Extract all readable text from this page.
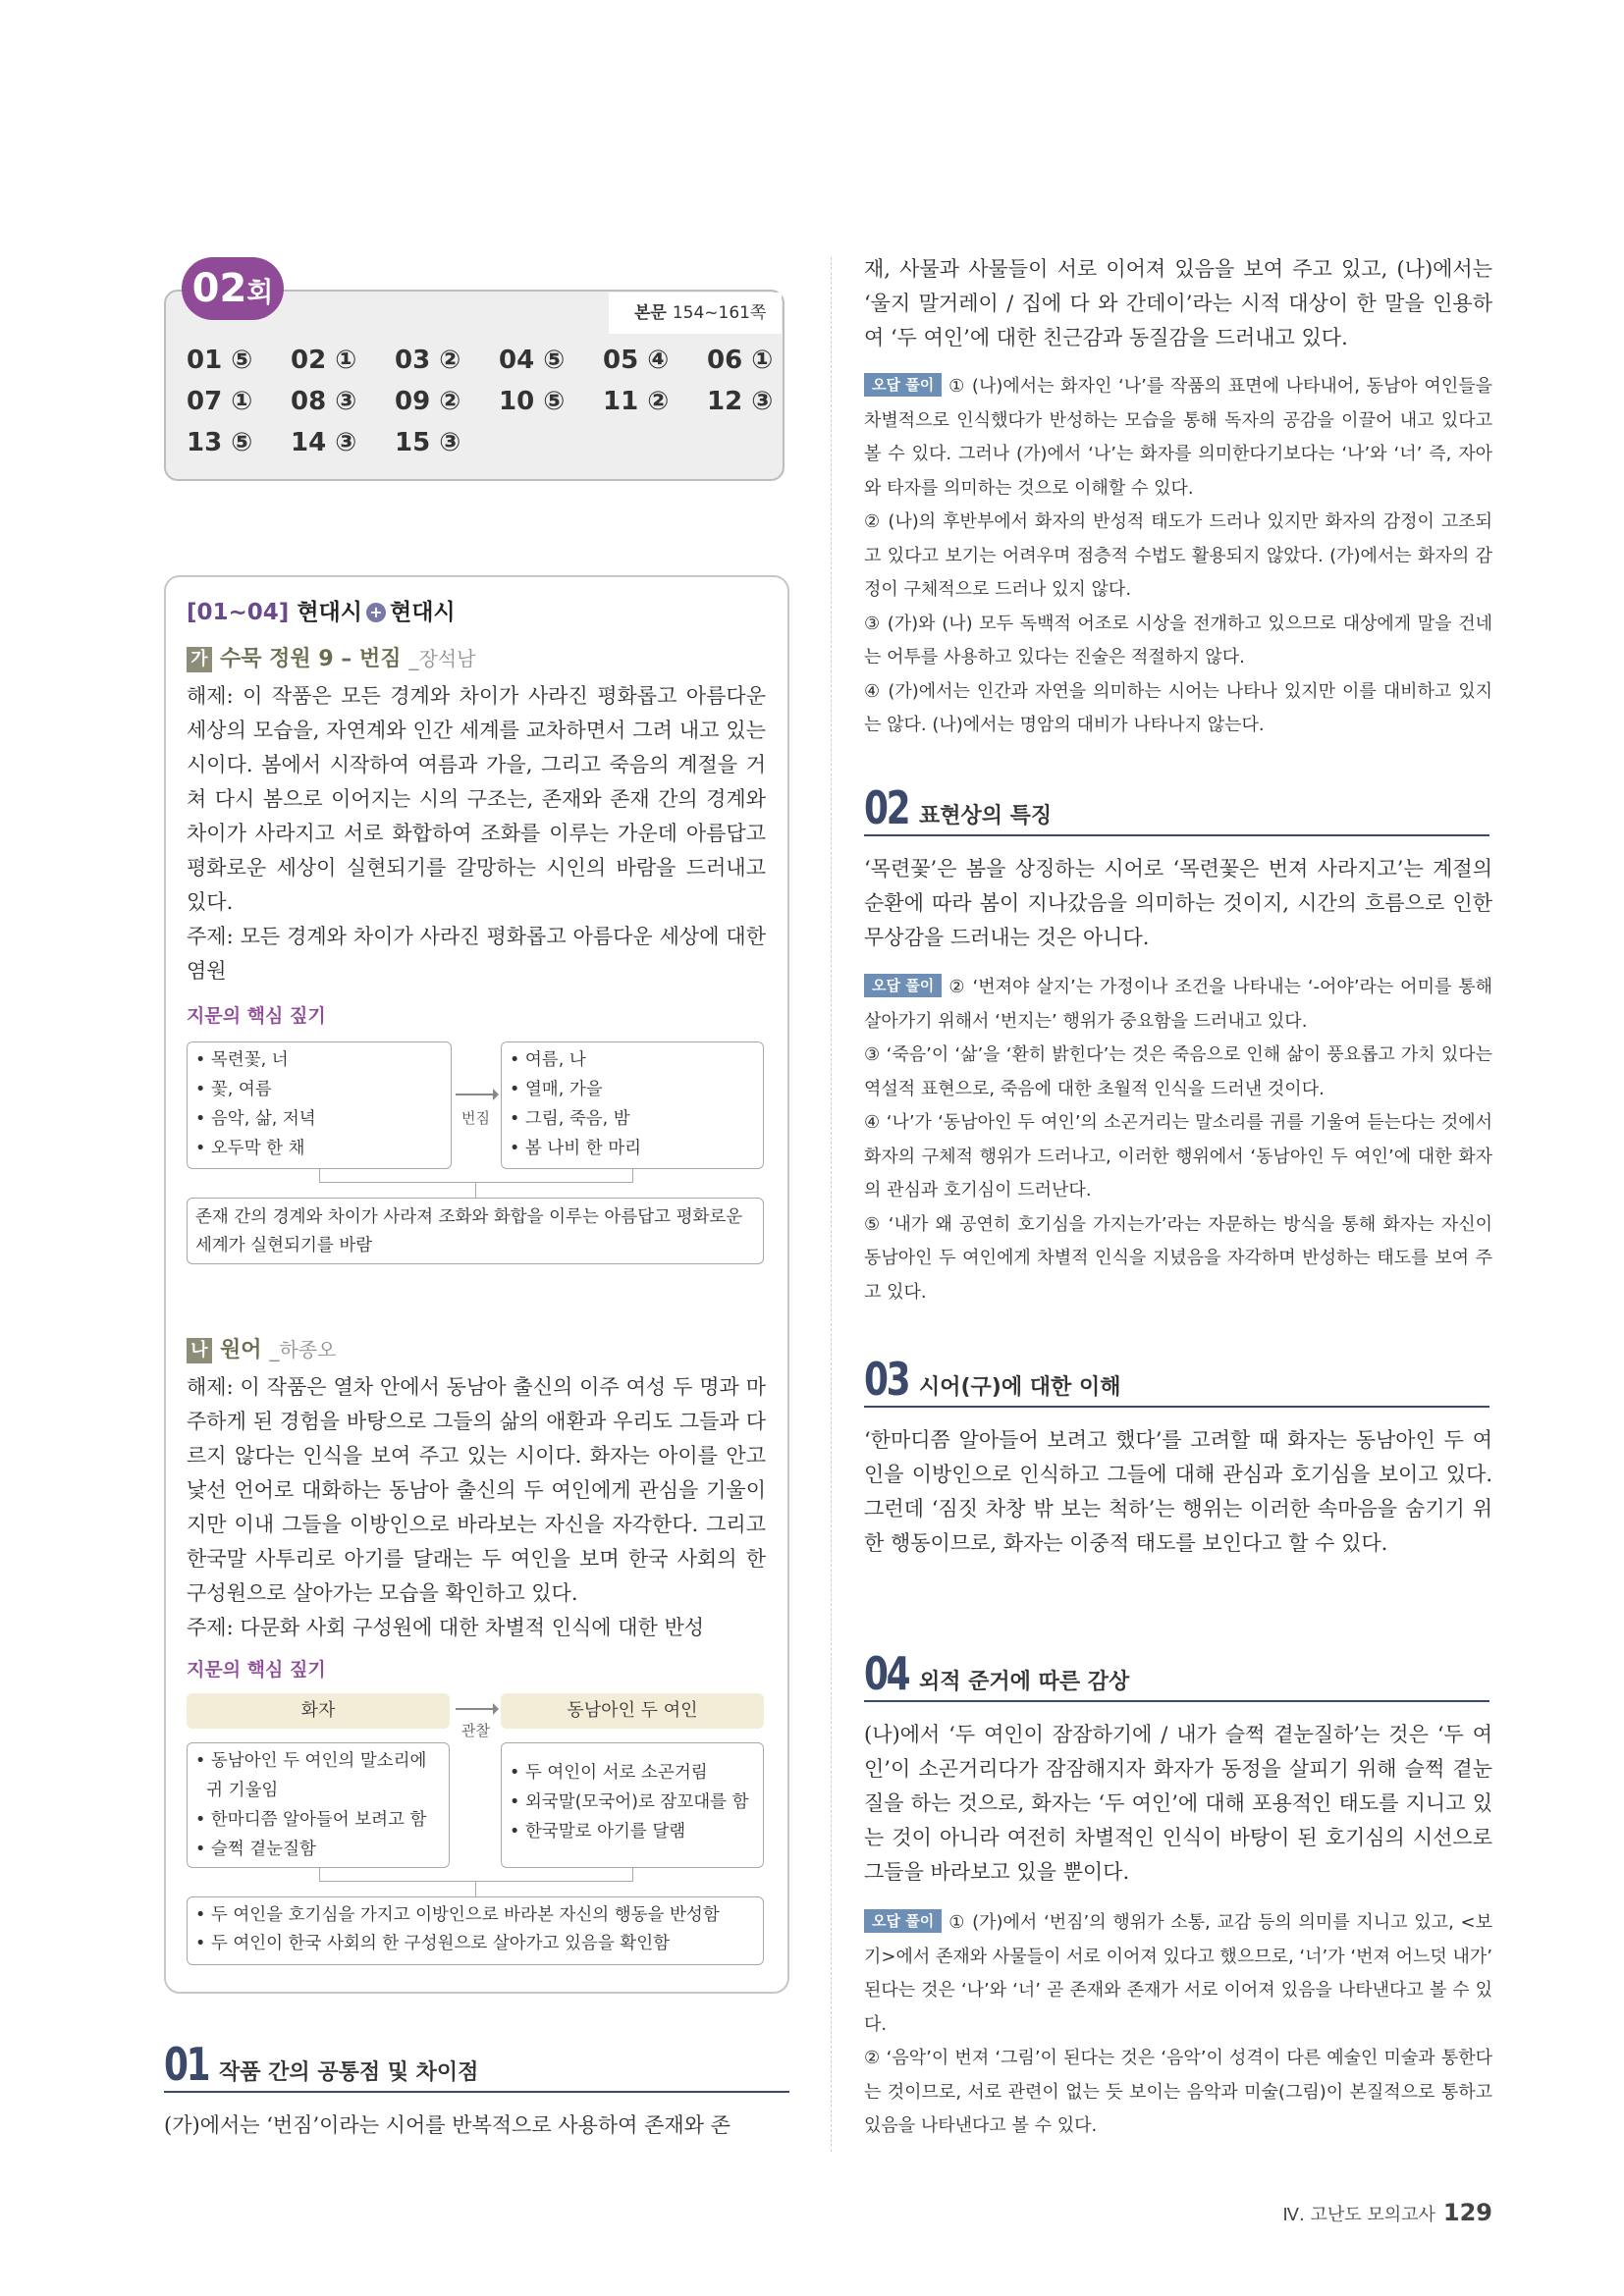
본문 154~161쪽
02회
01 ⑤	02 ①	03 ②	04 ⑤	05 ④	06 ①
07 ①	08 ③	09 ②	10 ⑤	11 ②	12 ③
13 ⑤	14 ③	15 ③
[01~04] 현대시 + 현대시
가 수묵 정원 9 – 번짐 _장석남
해제: 이 작품은 모든 경계와 차이가 사라진 평화롭고 아름다운 세상의 모습을, 자연계와 인간 세계를 교차하면서 그려 내고 있는 시이다. 봄에서 시작하여 여름과 가을, 그리고 죽음의 계절을 거쳐 다시 봄으로 이어지는 시의 구조는, 존재와 존재 간의 경계와 차이가 사라지고 서로 화합하여 조화를 이루는 가운데 아름답고 평화로운 세상이 실현되기를 갈망하는 시인의 바람을 드러내고 있다.
주제: 모든 경계와 차이가 사라진 평화롭고 아름다운 세상에 대한 염원
지문의 핵심 짚기
• 목련꽃, 너
• 꽃, 여름
• 음악, 삶, 저녁
• 오두막 한 채
번짐
• 여름, 나
• 열매, 가을
• 그림, 죽음, 밤
• 봄 나비 한 마리
존재 간의 경계와 차이가 사라져 조화와 화합을 이루는 아름답고 평화로운 세계가 실현되기를 바람
나 원어 _하종오
해제: 이 작품은 열차 안에서 동남아 출신의 이주 여성 두 명과 마주하게 된 경험을 바탕으로 그들의 삶의 애환과 우리도 그들과 다르지 않다는 인식을 보여 주고 있는 시이다. 화자는 아이를 안고 낯선 언어로 대화하는 동남아 출신의 두 여인에게 관심을 기울이지만 이내 그들을 이방인으로 바라보는 자신을 자각한다. 그리고 한국말 사투리로 아기를 달래는 두 여인을 보며 한국 사회의 한 구성원으로 살아가는 모습을 확인하고 있다.
주제: 다문화 사회 구성원에 대한 차별적 인식에 대한 반성
지문의 핵심 짚기
화자
관찰
동남아인 두 여인
• 동남아인 두 여인의 말소리에
귀 기울임
• 한마디쯤 알아들어 보려고 함
• 슬쩍 곁눈질함
• 두 여인이 서로 소곤거림
• 외국말(모국어)로 잠꼬대를 함
• 한국말로 아기를 달램
• 두 여인을 호기심을 가지고 이방인으로 바라본 자신의 행동을 반성함
• 두 여인이 한국 사회의 한 구성원으로 살아가고 있음을 확인함
01 작품 간의 공통점 및 차이점
(가)에서는 ‘번짐’이라는 시어를 반복적으로 사용하여 존재와 존
재, 사물과 사물들이 서로 이어져 있음을 보여 주고 있고, (나)에서는 ‘울지 말거레이 / 집에 다 와 간데이’라는 시적 대상이 한 말을 인용하여 ‘두 여인’에 대한 친근감과 동질감을 드러내고 있다.
오답 풀이 ① (나)에서는 화자인 ‘나’를 작품의 표면에 나타내어, 동남아 여인들을 차별적으로 인식했다가 반성하는 모습을 통해 독자의 공감을 이끌어 내고 있다고 볼 수 있다. 그러나 (가)에서 ‘나’는 화자를 의미한다기보다는 ‘나’와 ‘너’ 즉, 자아와 타자를 의미하는 것으로 이해할 수 있다.
② (나)의 후반부에서 화자의 반성적 태도가 드러나 있지만 화자의 감정이 고조되고 있다고 보기는 어려우며 점층적 수법도 활용되지 않았다. (가)에서는 화자의 감정이 구체적으로 드러나 있지 않다.
③ (가)와 (나) 모두 독백적 어조로 시상을 전개하고 있으므로 대상에게 말을 건네는 어투를 사용하고 있다는 진술은 적절하지 않다.
④ (가)에서는 인간과 자연을 의미하는 시어는 나타나 있지만 이를 대비하고 있지는 않다. (나)에서는 명암의 대비가 나타나지 않는다.
02 표현상의 특징
‘목련꽃’은 봄을 상징하는 시어로 ‘목련꽃은 번져 사라지고’는 계절의 순환에 따라 봄이 지나갔음을 의미하는 것이지, 시간의 흐름으로 인한 무상감을 드러내는 것은 아니다.
오답 풀이 ② ‘번져야 살지’는 가정이나 조건을 나타내는 ‘-어야’라는 어미를 통해 살아가기 위해서 ‘번지는’ 행위가 중요함을 드러내고 있다.
③ ‘죽음’이 ‘삶’을 ‘환히 밝힌다’는 것은 죽음으로 인해 삶이 풍요롭고 가치 있다는 역설적 표현으로, 죽음에 대한 초월적 인식을 드러낸 것이다.
④ ‘나’가 ‘동남아인 두 여인’의 소곤거리는 말소리를 귀를 기울여 듣는다는 것에서 화자의 구체적 행위가 드러나고, 이러한 행위에서 ‘동남아인 두 여인’에 대한 화자의 관심과 호기심이 드러난다.
⑤ ‘내가 왜 공연히 호기심을 가지는가’라는 자문하는 방식을 통해 화자는 자신이 동남아인 두 여인에게 차별적 인식을 지녔음을 자각하며 반성하는 태도를 보여 주고 있다.
03 시어(구)에 대한 이해
‘한마디쯤 알아들어 보려고 했다’를 고려할 때 화자는 동남아인 두 여인을 이방인으로 인식하고 그들에 대해 관심과 호기심을 보이고 있다. 그런데 ‘짐짓 차창 밖 보는 척하’는 행위는 이러한 속마음을 숨기기 위한 행동이므로, 화자는 이중적 태도를 보인다고 할 수 있다.
04 외적 준거에 따른 감상
(나)에서 ‘두 여인이 잠잠하기에 / 내가 슬쩍 곁눈질하’는 것은 ‘두 여인’이 소곤거리다가 잠잠해지자 화자가 동정을 살피기 위해 슬쩍 곁눈질을 하는 것으로, 화자는 ‘두 여인’에 대해 포용적인 태도를 지니고 있는 것이 아니라 여전히 차별적인 인식이 바탕이 된 호기심의 시선으로 그들을 바라보고 있을 뿐이다.
오답 풀이 ① (가)에서 ‘번짐’의 행위가 소통, 교감 등의 의미를 지니고 있고, <보기>에서 존재와 사물들이 서로 이어져 있다고 했으므로, ‘너’가 ‘번져 어느덧 내가’ 된다는 것은 ‘나’와 ‘너’ 곧 존재와 존재가 서로 이어져 있음을 나타낸다고 볼 수 있다.
② ‘음악’이 번져 ‘그림’이 된다는 것은 ‘음악’이 성격이 다른 예술인 미술과 통한다는 것이므로, 서로 관련이 없는 듯 보이는 음악과 미술(그림)이 본질적으로 통하고 있음을 나타낸다고 볼 수 있다.
Ⅳ. 고난도 모의고사 129
